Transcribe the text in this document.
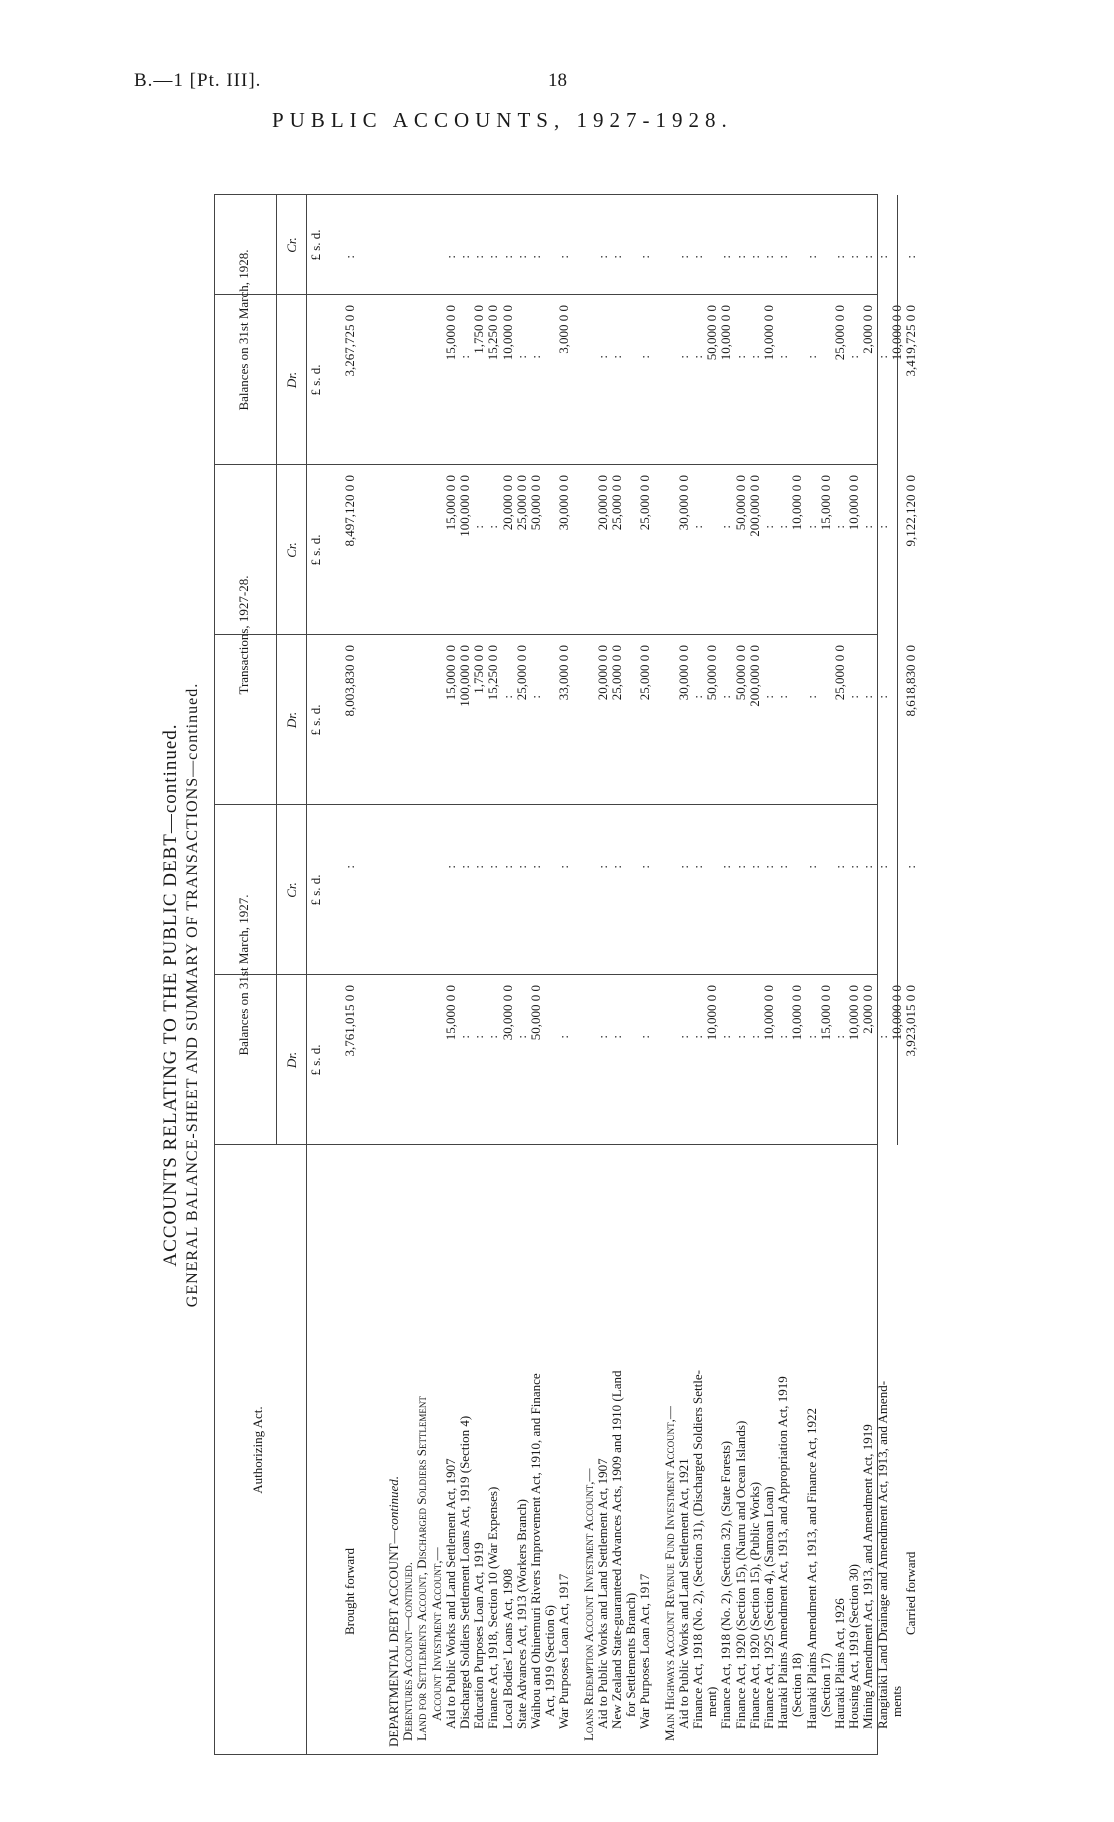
B.—1 [Pt. III].	18
PUBLIC ACCOUNTS, 1927-1928.
ACCOUNTS RELATING TO THE PUBLIC DEBT—continued. GENERAL BALANCE-SHEET AND SUMMARY OF TRANSACTIONS—continued.
Authorizing Act.
Balances on 31st March, 1927.
Transactions, 1927-28.
Balances on 31st March, 1928.
Dr. £ s. d.
Cr. £ s. d.
Dr. £ s. d.
Cr. £ s. d.
Dr. £ s. d.
Cr. £ s. d.
Brought forward
3,761,015 0 0
:
8,003,830 0 0
8,497,120 0 0
3,267,725 0 0
:
DEPARTMENTAL DEBT ACCOUNT—continued.
Debentures Account—continued. Land for Settlements Account, Discharged Soldiers Settlement Account Investment Account,— Aid to Public Works and Land Settlement Act, 1907
15,000 0 0
:
15,000 0 0
15,000 0 0
15,000 0 0
:
Discharged Soldiers Settlement Loans Act, 1919 (Section 4)
:
:
100,000 0 0
100,000 0 0
:
:
Education Purposes Loan Act, 1919
:
:
1,750 0 0
:
1,750 0 0
:
Finance Act, 1918, Section 10 (War Expenses)
:
:
15,250 0 0
:
15,250 0 0
:
Local Bodies' Loans Act, 1908
30,000 0 0
:
:
20,000 0 0
10,000 0 0
:
State Advances Act, 1913 (Workers Branch)
:
:
25,000 0 0
25,000 0 0
:
:
Waihou and Ohinemuri Rivers Improvement Act, 1910, and Finance
50,000 0 0
:
:
50,000 0 0
:
:
Act, 1919 (Section 6) War Purposes Loan Act, 1917
:
:
33,000 0 0
30,000 0 0
3,000 0 0
:
Loans Redemption Account Investment Account,— Aid to Public Works and Land Settlement Act, 1907
:
:
20,000 0 0
20,000 0 0
:
:
New Zealand State-guaranteed Advances Acts, 1909 and 1910 (Land
:
:
25,000 0 0
25,000 0 0
:
:
for Settlements Branch) War Purposes Loan Act, 1917
:
:
25,000 0 0
25,000 0 0
:
:
Main Highways Account Revenue Fund Investment Account,— Aid to Public Works and Land Settlement Act, 1921
:
:
30,000 0 0
30,000 0 0
:
:
Finance Act, 1918 (No. 2), (Section 31), (Discharged Soldiers Settle-
:
:
:
:
:
:
ment)
10,000 0 0
50,000 0 0
50,000 0 0
Finance Act, 1918 (No. 2), (Section 32), (State Forests)
:
:
:
:
10,000 0 0
:
Finance Act, 1920 (Section 15), (Nauru and Ocean Islands)
:
:
50,000 0 0
50,000 0 0
:
:
Finance Act, 1920 (Section 15), (Public Works)
:
:
200,000 0 0
200,000 0 0
:
:
Finance Act, 1925 (Section 4), (Samoan Loan)
10,000 0 0
:
:
:
10,000 0 0
:
Hauraki Plains Amendment Act, 1913, and Appropriation Act, 1919
:
:
:
:
:
:
(Section 18)
10,000 0 0
10,000 0 0
Hauraki Plains Amendment Act, 1913, and Finance Act, 1922
:
:
:
:
:
:
(Section 17)
15,000 0 0
15,000 0 0
Hauraki Plains Act, 1926
:
:
25,000 0 0
:
25,000 0 0
:
Housing Act, 1919 (Section 30)
10,000 0 0
:
:
10,000 0 0
:
:
Mining Amendment Act, 1913, and Amendment Act, 1919
2,000 0 0
:
:
:
2,000 0 0
:
Rangitaiki Land Drainage and Amendment Act, 1913, and Amend-
:
:
:
:
:
:
ments
10,000 0 0
10,000 0 0
Carried forward
3,923,015 0 0
:
8,618,830 0 0
9,122,120 0 0
3,419,725 0 0
:
